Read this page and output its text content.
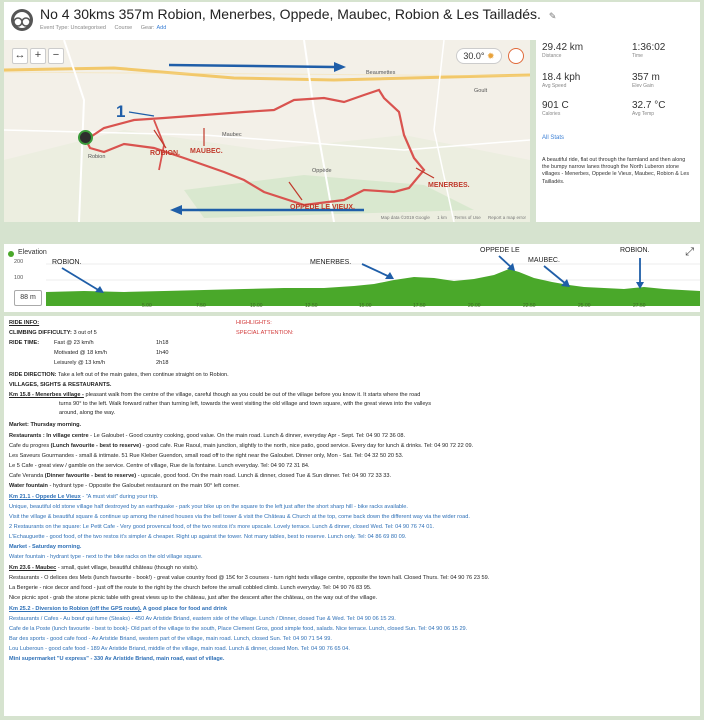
No 4 30kms 357m Robion, Menerbes, Oppede, Maubec, Robion & Les Tailladés. ✎
Event Type: Uncategorised Course Gear: Add
↔ +	−	30.0° ✹
1
ROBION. MAUBEC.
OPPEDE LE VIEUX.
MENERBES.
Beaumettes
Goult
Robion
Oppède
Maubec
Map data ©2019 Google 1 km Terms of Use Report a map error
29.42 km
Distance
1:36:02
Time
18.4 kph
Avg Speed
357 m
Elev Gain
901 C
Calories
32.7 °C
Avg Temp
All Stats
A beautiful ride, flat out through the farmland and then along the bumpy narrow lanes through the North Luberon stone villages - Menerbes, Oppede le Vieux, Maubec, Robion & Les Tailladés.
Elevation	⤢
200
100
ROBION.	MENERBES.
OPPEDE LE
MAUBEC.
ROBION.
88 m
5.00	7.50	10.00	12.50	15.00	17.50	20.00	22.50	25.00	27.50
RIDE INFO:	HIGHLIGHTS:
CLIMBING DIFFICULTY: 3 out of 5	SPECIAL ATTENTION:
RIDE TIME:	Fast @ 23 km/h	1h18
Motivated @ 18 km/h	1h40
Leisurely @ 13 km/h	2h18
RIDE DIRECTION: Take a left out of the main gates, then continue straight on to Robion.
VILLAGES, SIGHTS & RESTAURANTS.
Km 15.8 - Menerbes village - pleasant walk from the centre of the village, careful though as you could be out of the village before you know it. It starts where the road
turns 90° to the left. Walk forward rather than turning left, towards the west visiting the old village and town square, with the great views into the valleys
around, along the way.
Market: Thursday morning.
Restaurants : In village centre - Le Galoubet - Good country cooking, good value. On the main road. Lunch & dinner, everyday Apr - Sept. Tel: 04 90 72 36 08.
Cafe du progres (Lunch favourite - best to reserve) - good cafe. Rue Raoul, main junction, slightly to the north, nice patio, good service. Every day for lunch & drinks. Tel: 04 90 72 22 09.
Les Saveurs Gourmandes - small & intimate. 51 Rue Kleber Guendon, small road off to the right near the Galoubet. Dinner only, Mon - Sat. Tel: 04 32 50 20 53.
Le 5 Cafe - great view / gamble on the service. Centre of village, Rue de la fontaine. Lunch everyday. Tel: 04 90 72 31 84.
Cafe Veranda (Dinner favourite - best to reserve) - upscale, good food. On the main road. Lunch & dinner, closed Tue & Sun dinner. Tel: 04 90 72 33 33.
Water fountain - hydrant type - Opposite the Galoubet restaurant on the main 90° left corner.
Km 21.1 - Oppede Le Vieux - "A must visit" during your trip.
Unique, beautiful old stone village half destroyed by an earthquake - park your bike up on the square to the left just after the short sharp hill - bike racks available.
Visit the village & beautiful square & continue up among the ruined houses via the bell tower & visit the Château & Church at the top, come back down the different way via the wider road.
2 Restaurants on the square: Le Petit Cafe - Very good provencal food, of the two restos it's more upscale. Lovely terrace. Lunch & dinner, closed Wed. Tel: 04 90 76 74 01.
L'Echauguette - good food, of the two restos it's simpler & cheaper. Right up against the tower. Not many tables, best to reserve. Lunch only. Tel: 04 86 69 80 09.
Market - Saturday morning.
Water fountain - hydrant type - next to the bike racks on the old village square.
Km 23.6 - Maubec - small, quiet village, beautiful château (though no visits).
Restaurants - O delices des Mets (lunch favourite - book!) - great value country food @ 15€ for 3 courses - turn right twds village centre, opposite the town hall. Closed Thurs. Tel: 04 90 76 23 59.
La Bergerie - nice decor and food - just off the route to the right by the church before the small cobbled climb. Lunch everyday. Tel: 04 90 76 83 95.
Nice picnic spot - grab the stone picnic table with great views up to the château, just after the descent after the château, on the way out of the village.
Km 25.2 - Diversion to Robion (off the GPS route). A good place for food and drink
Restaurants / Cafes - Au bœuf qui fume (Steaks) - 450 Av Aristide Briand, eastern side of the village. Lunch / Dinner, closed Tue & Wed. Tel: 04 90 06 15 29.
Cafe de la Poste (lunch favourite - best to book)- Old part of the village to the south, Place Clement Gros, good simple food, salads. Nice terrace. Lunch, closed Sun. Tel: 04 90 06 15 29.
Bar des sports - good cafe food - Av Aristide Briand, western part of the village, main road. Lunch, closed Sun. Tel: 04 90 71 54 99.
Lou Luberoun - good cafe food - 189 Av Aristide Briand, middle of the village, main road. Lunch & dinner, closed Mon. Tel: 04 90 76 65 04.
Mini supermarket "U express" - 330 Av Aristide Briand, main road, east of village.
